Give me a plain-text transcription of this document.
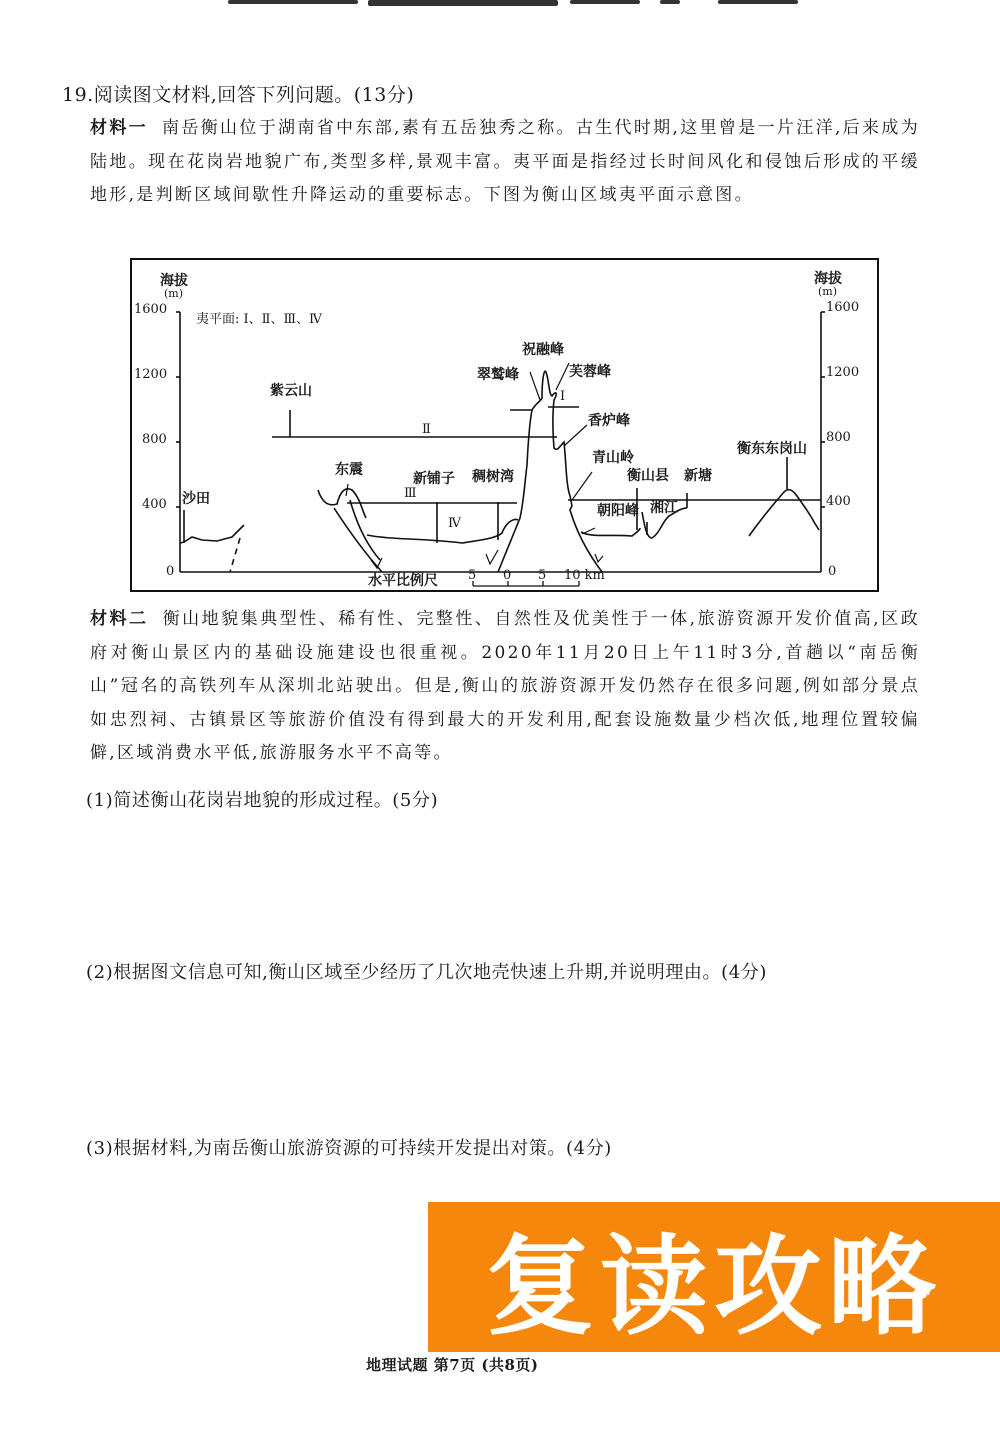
19.阅读图文材料,回答下列问题。(13分)
材料一 南岳衡山位于湖南省中东部,素有五岳独秀之称。古生代时期,这里曾是一片汪洋,后来成为陆地。现在花岗岩地貌广布,类型多样,景观丰富。夷平面是指经过长时间风化和侵蚀后形成的平缓地形,是判断区域间歇性升降运动的重要标志。下图为衡山区域夷平面示意图。
海拔
(m)
1600
1200
800
400
0
海拔
(m)
1600
1200
800
400
0
夷平面: Ⅰ、Ⅱ、Ⅲ、Ⅳ
沙田
紫云山
Ⅱ
东震
新铺子 稠树湾
Ⅲ
Ⅳ
翠鹫峰
祝融峰
芙蓉峰
Ⅰ
香炉峰
青山岭
衡山县 新塘
朝阳峰 湘江
衡东东岗山
水平比例尺 5 0 5 10 km
材料二 衡山地貌集典型性、稀有性、完整性、自然性及优美性于一体,旅游资源开发价值高,区政府对衡山景区内的基础设施建设也很重视。2020年11月20日上午11时3分,首趟以“南岳衡山”冠名的高铁列车从深圳北站驶出。但是,衡山的旅游资源开发仍然存在很多问题,例如部分景点如忠烈祠、古镇景区等旅游价值没有得到最大的开发利用,配套设施数量少档次低,地理位置较偏僻,区域消费水平低,旅游服务水平不高等。
(1)简述衡山花岗岩地貌的形成过程。(5分)
(2)根据图文信息可知,衡山区域至少经历了几次地壳快速上升期,并说明理由。(4分)
(3)根据材料,为南岳衡山旅游资源的可持续开发提出对策。(4分)
复读攻略
地理试题 第7页 (共8页)
